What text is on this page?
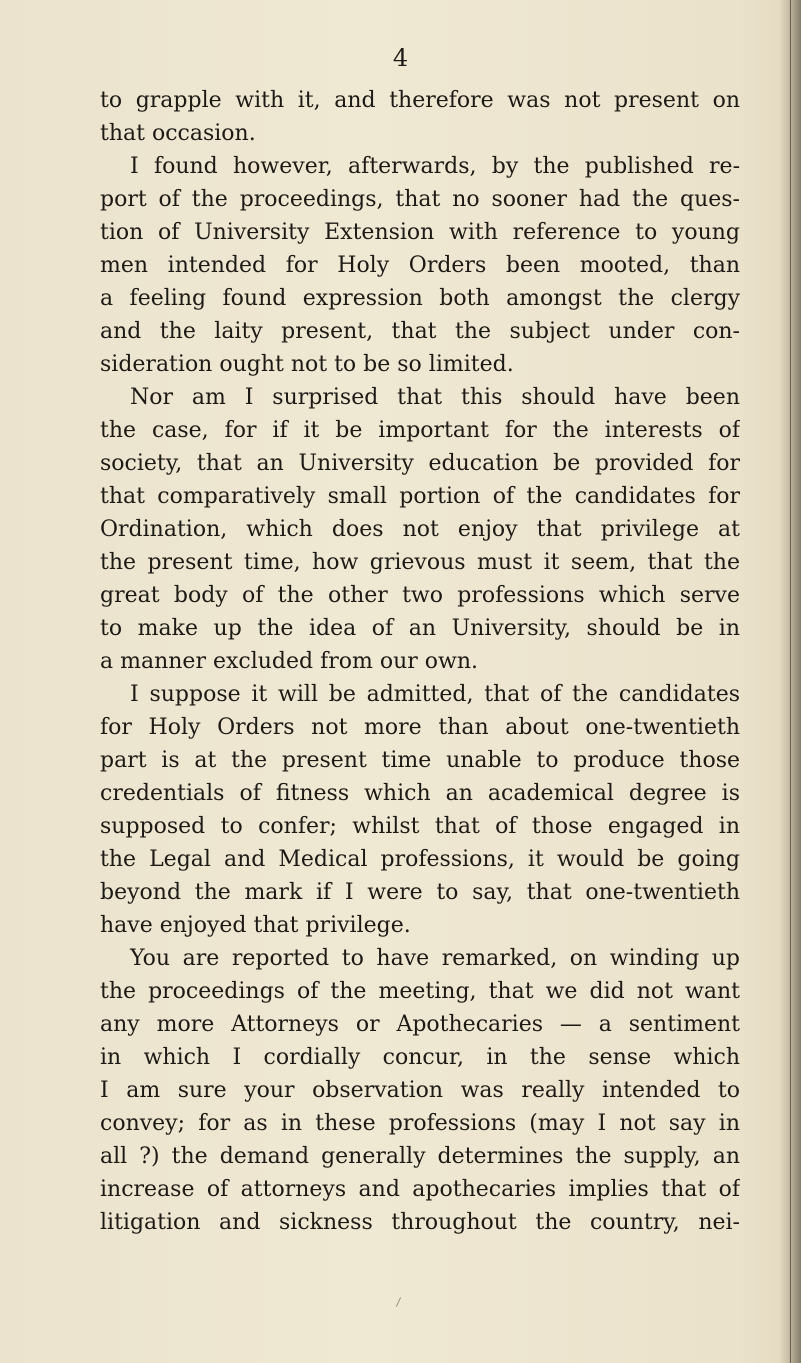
4
to grapple with it, and therefore was not present on
that occasion.
I found however, afterwards, by the published re-
port of the proceedings, that no sooner had the ques-
tion of University Extension with reference to young
men intended for Holy Orders been mooted, than
a feeling found expression both amongst the clergy
and the laity present, that the subject under con-
sideration ought not to be so limited.
Nor am I surprised that this should have been
the case, for if it be important for the interests of
society, that an University education be provided for
that comparatively small portion of the candidates for
Ordination, which does not enjoy that privilege at
the present time, how grievous must it seem, that the
great body of the other two professions which serve
to make up the idea of an University, should be in
a manner excluded from our own.
I suppose it will be admitted, that of the candidates
for Holy Orders not more than about one-twentieth
part is at the present time unable to produce those
credentials of fitness which an academical degree is
supposed to confer; whilst that of those engaged in
the Legal and Medical professions, it would be going
beyond the mark if I were to say, that one-twentieth
have enjoyed that privilege.
You are reported to have remarked, on winding up
the proceedings of the meeting, that we did not want
any more Attorneys or Apothecaries — a sentiment
in which I cordially concur, in the sense which
I am sure your observation was really intended to
convey; for as in these professions (may I not say in
all ?) the demand generally determines the supply, an
increase of attorneys and apothecaries implies that of
litigation and sickness throughout the country, nei-
